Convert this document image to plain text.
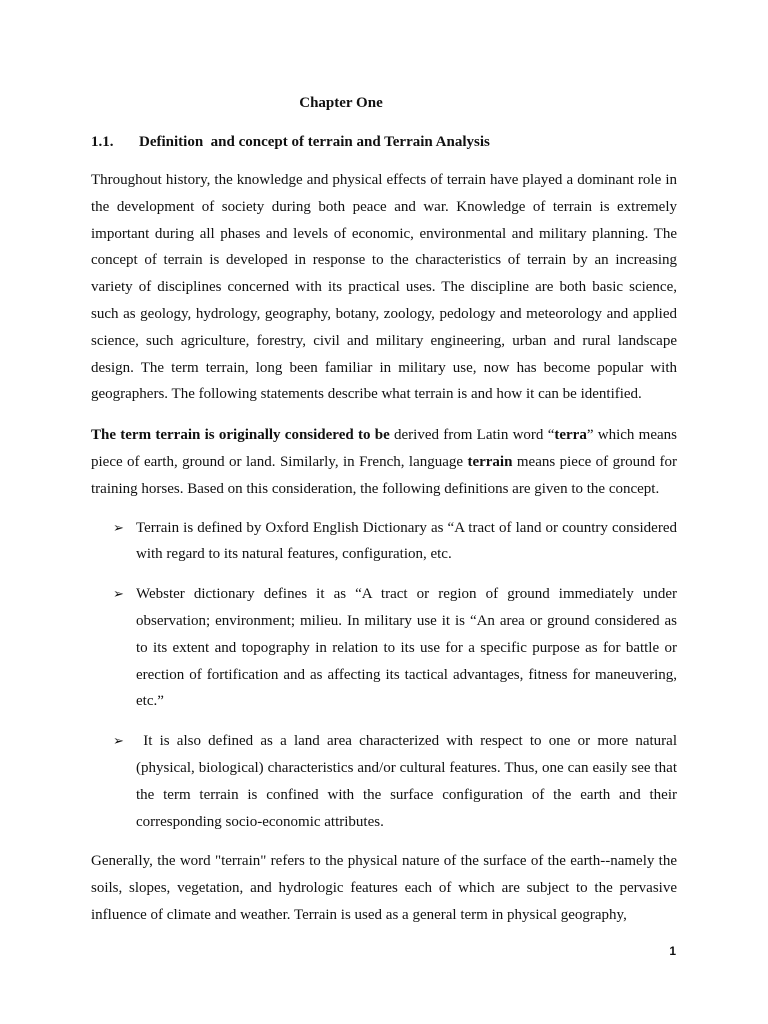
Chapter One
1.1.	Definition  and concept of terrain and Terrain Analysis

Throughout history, the knowledge and physical effects of terrain have played a dominant role in the development of society during both peace and war. Knowledge of terrain is extremely important during all phases and levels of economic, environmental and military planning. The concept of terrain is developed in response to the characteristics of terrain by an increasing variety of disciplines concerned with its practical uses. The discipline are both basic science, such as geology, hydrology, geography, botany, zoology, pedology and meteorology and applied science, such agriculture, forestry, civil and military engineering, urban and rural landscape design. The term terrain, long been familiar in military use, now has become popular with geographers. The following statements describe what terrain is and how it can be identified.

The term terrain is originally considered to be derived from Latin word “terra” which means piece of earth, ground or land. Similarly, in French, language terrain means piece of ground for training horses. Based on this consideration, the following definitions are given to the concept.

➢ Terrain is defined by Oxford English Dictionary as “A tract of land or country considered with regard to its natural features, configuration, etc.
➢ Webster dictionary defines it as “A tract or region of ground immediately under observation; environment; milieu. In military use it is “An area or ground considered as to its extent and topography in relation to its use for a specific purpose as for battle or erection of fortification and as affecting its tactical advantages, fitness for maneuvering, etc.”
➢ It is also defined as a land area characterized with respect to one or more natural (physical, biological) characteristics and/or cultural features. Thus, one can easily see that the term terrain is confined with the surface configuration of the earth and their corresponding socio-economic attributes.

Generally, the word "terrain" refers to the physical nature of the surface of the earth--namely the soils, slopes, vegetation, and hydrologic features each of which are subject to the pervasive influence of climate and weather. Terrain is used as a general term in physical geography,

1
